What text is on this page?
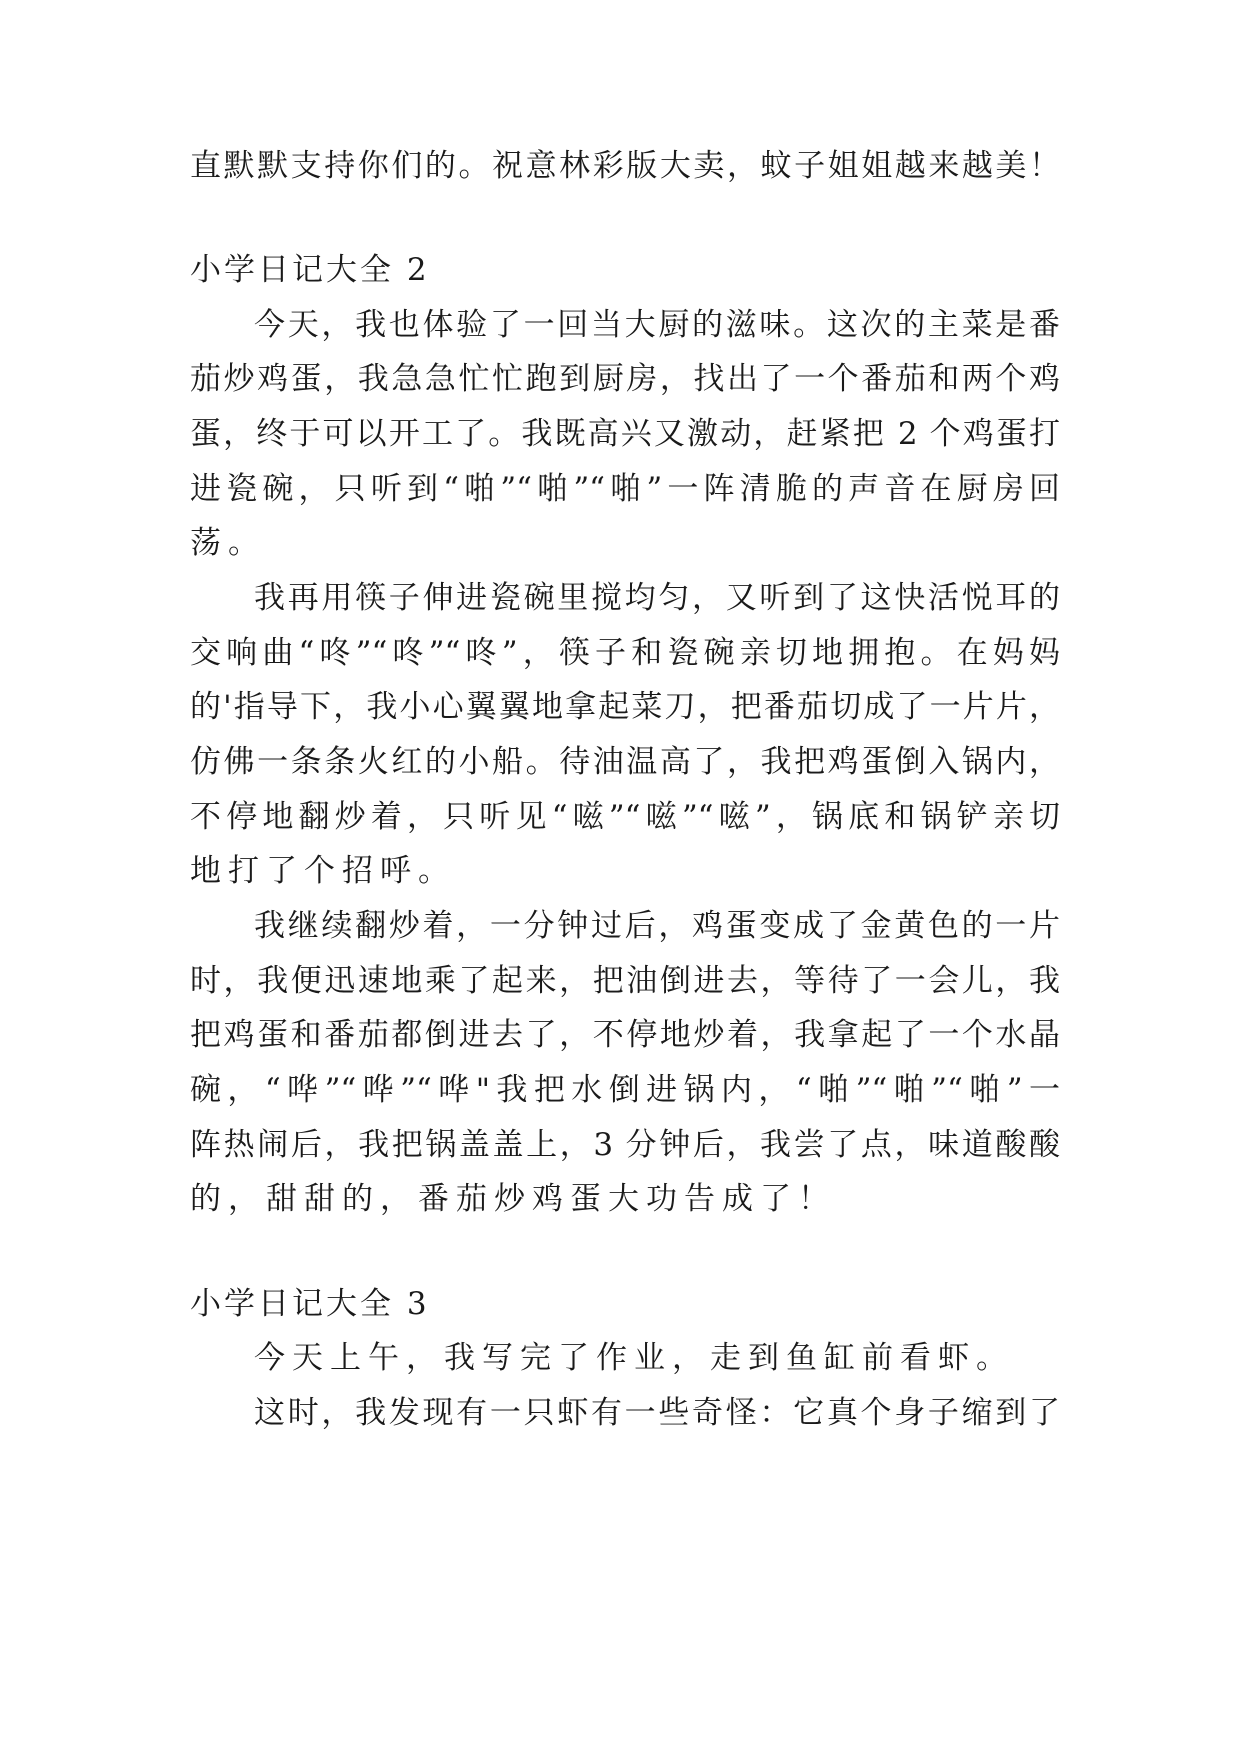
直默默支持你们的。祝意林彩版大卖，蚊子姐姐越来越美！
小学日记大全 2
今天，我也体验了一回当大厨的滋味。这次的主菜是番
茄炒鸡蛋，我急急忙忙跑到厨房，找出了一个番茄和两个鸡
蛋，终于可以开工了。我既高兴又激动，赶紧把 2 个鸡蛋打
进瓷碗，只听到“啪”“啪”“啪”一阵清脆的声音在厨房回
荡。
我再用筷子伸进瓷碗里搅均匀，又听到了这快活悦耳的
交响曲“咚”“咚”“咚”，筷子和瓷碗亲切地拥抱。在妈妈
的'指导下，我小心翼翼地拿起菜刀，把番茄切成了一片片，
仿佛一条条火红的小船。待油温高了，我把鸡蛋倒入锅内，
不停地翻炒着，只听见“嗞”“嗞”“嗞”，锅底和锅铲亲切
地打了个招呼。
我继续翻炒着，一分钟过后，鸡蛋变成了金黄色的一片
时，我便迅速地乘了起来，把油倒进去，等待了一会儿，我
把鸡蛋和番茄都倒进去了，不停地炒着，我拿起了一个水晶
碗，“哗”“哗”“哗"我把水倒进锅内，“啪”“啪”“啪”一
阵热闹后，我把锅盖盖上，3 分钟后，我尝了点，味道酸酸
的，甜甜的，番茄炒鸡蛋大功告成了！
小学日记大全 3
今天上午，我写完了作业，走到鱼缸前看虾。
这时，我发现有一只虾有一些奇怪：它真个身子缩到了
